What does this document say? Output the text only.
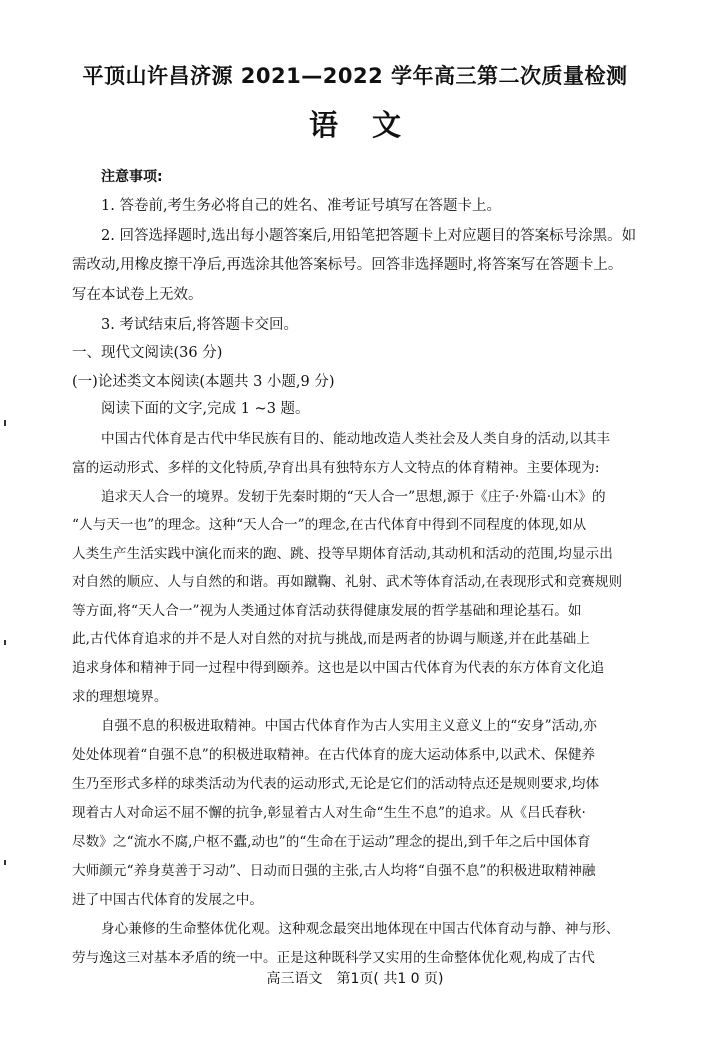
平顶山许昌济源 2021—2022 学年高三第二次质量检测
语文
注意事项:
1. 答卷前,考生务必将自己的姓名、准考证号填写在答题卡上。
2. 回答选择题时,选出每小题答案后,用铅笔把答题卡上对应题目的答案标号涂黑。如
需改动,用橡皮擦干净后,再选涂其他答案标号。回答非选择题时,将答案写在答题卡上。
写在本试卷上无效。
3. 考试结束后,将答题卡交回。
一、现代文阅读(36 分)
(一)论述类文本阅读(本题共 3 小题,9 分)
阅读下面的文字,完成 1 ~3 题。
中国古代体育是古代中华民族有目的、能动地改造人类社会及人类自身的活动,以其丰
富的运动形式、多样的文化特质,孕育出具有独特东方人文特点的体育精神。主要体现为:
追求天人合一的境界。发轫于先秦时期的“天人合一”思想,源于《庄子·外篇·山木》的
“人与天一也”的理念。这种“天人合一”的理念,在古代体育中得到不同程度的体现,如从
人类生产生活实践中演化而来的跑、跳、投等早期体育活动,其动机和活动的范围,均显示出
对自然的顺应、人与自然的和谐。再如蹴鞠、礼射、武术等体育活动,在表现形式和竞赛规则
等方面,将“天人合一”视为人类通过体育活动获得健康发展的哲学基础和理论基石。如
此,古代体育追求的并不是人对自然的对抗与挑战,而是两者的协调与顺遂,并在此基础上
追求身体和精神于同一过程中得到颐养。这也是以中国古代体育为代表的东方体育文化追
求的理想境界。
自强不息的积极进取精神。中国古代体育作为古人实用主义意义上的“安身”活动,亦
处处体现着“自强不息”的积极进取精神。在古代体育的庞大运动体系中,以武术、保健养
生乃至形式多样的球类活动为代表的运动形式,无论是它们的活动特点还是规则要求,均体
现着古人对命运不屈不懈的抗争,彰显着古人对生命“生生不息”的追求。从《吕氏春秋·
尽数》之“流水不腐,户枢不蠹,动也”的“生命在于运动”理念的提出,到千年之后中国体育
大师颜元“养身莫善于习动”、日动而日强的主张,古人均将“自强不息”的积极进取精神融
进了中国古代体育的发展之中。
身心兼修的生命整体优化观。这种观念最突出地体现在中国古代体育动与静、神与形、
劳与逸这三对基本矛盾的统一中。正是这种既科学又实用的生命整体优化观,构成了古代
高三语文　第1页( 共1 0 页)
